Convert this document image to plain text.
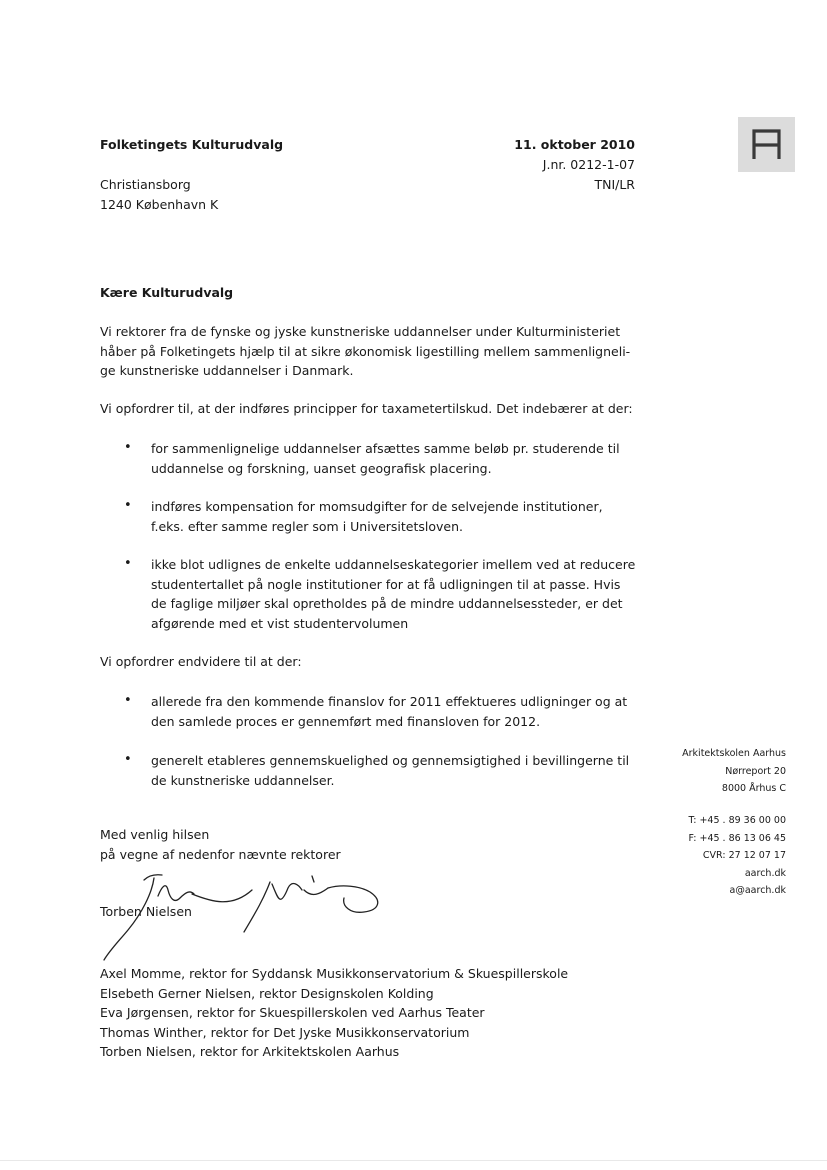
Folketingets Kulturudvalg
Christiansborg
1240 København K
11. oktober 2010
J.nr. 0212-1-07
TNI/LR
Kære Kulturudvalg
Vi rektorer fra de fynske og jyske kunstneriske uddannelser under Kulturministeriet
håber på Folketingets hjælp til at sikre økonomisk ligestilling mellem sammenligneli-
ge kunstneriske uddannelser i Danmark.
Vi opfordrer til, at der indføres principper for taxametertilskud. Det indebærer at der:
• for sammenlignelige uddannelser afsættes samme beløb pr. studerende til
uddannelse og forskning, uanset geografisk placering.
• indføres kompensation for momsudgifter for de selvejende institutioner,
f.eks. efter samme regler som i Universitetsloven.
• ikke blot udlignes de enkelte uddannelseskategorier imellem ved at reducere
studentertallet på nogle institutioner for at få udligningen til at passe. Hvis
de faglige miljøer skal opretholdes på de mindre uddannelsessteder, er det
afgørende med et vist studentervolumen
Vi opfordrer endvidere til at der:
• allerede fra den kommende finanslov for 2011 effektueres udligninger og at
den samlede proces er gennemført med finansloven for 2012.
• generelt etableres gennemskuelighed og gennemsigtighed i bevillingerne til
de kunstneriske uddannelser.
Arkitektskolen Aarhus
Nørreport 20
8000 Århus C
T: +45 . 89 36 00 00
F: +45 . 86 13 06 45
CVR: 27 12 07 17
aarch.dk
a@aarch.dk
Med venlig hilsen
på vegne af nedenfor nævnte rektorer
Torben Nielsen
Axel Momme, rektor for Syddansk Musikkonservatorium & Skuespillerskole
Elsebeth Gerner Nielsen, rektor Designskolen Kolding
Eva Jørgensen, rektor for Skuespillerskolen ved Aarhus Teater
Thomas Winther, rektor for Det Jyske Musikkonservatorium
Torben Nielsen, rektor for Arkitektskolen Aarhus
